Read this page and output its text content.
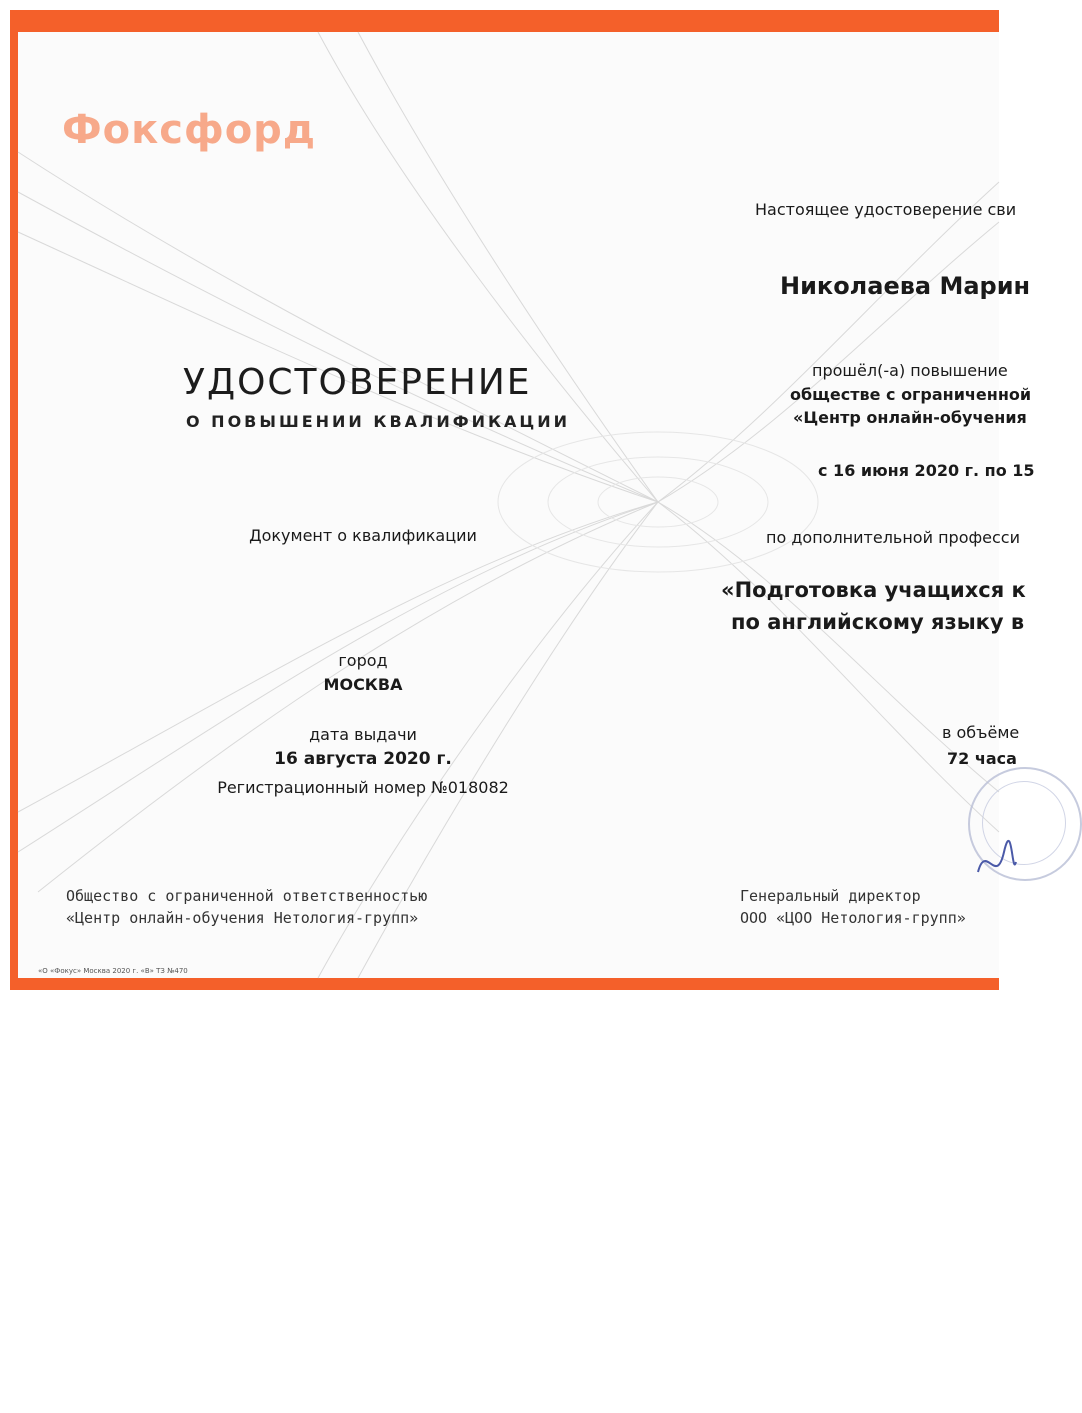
Фоксфорд
УДОСТОВЕРЕНИЕ
О ПОВЫШЕНИИ КВАЛИФИКАЦИИ
Документ о квалификации
город
МОСКВА
дата выдачи
16 августа 2020 г.
Регистрационный номер №018082
Общество с ограниченной ответственностью
«Центр онлайн-обучения Нетология-групп»
«О «Фокус» Москва 2020 г. «В» ТЗ №470
Настоящее удостоверение сви
Николаева Марин
прошёл(-а) повышение
обществе с ограниченной
«Центр онлайн-обучения
с 16 июня 2020 г. по 15
по дополнительной професси
«Подготовка учащихся к
по английскому языку в
в объёме
72 часа
Генеральный директор
ООО «ЦОО Нетология-групп»
